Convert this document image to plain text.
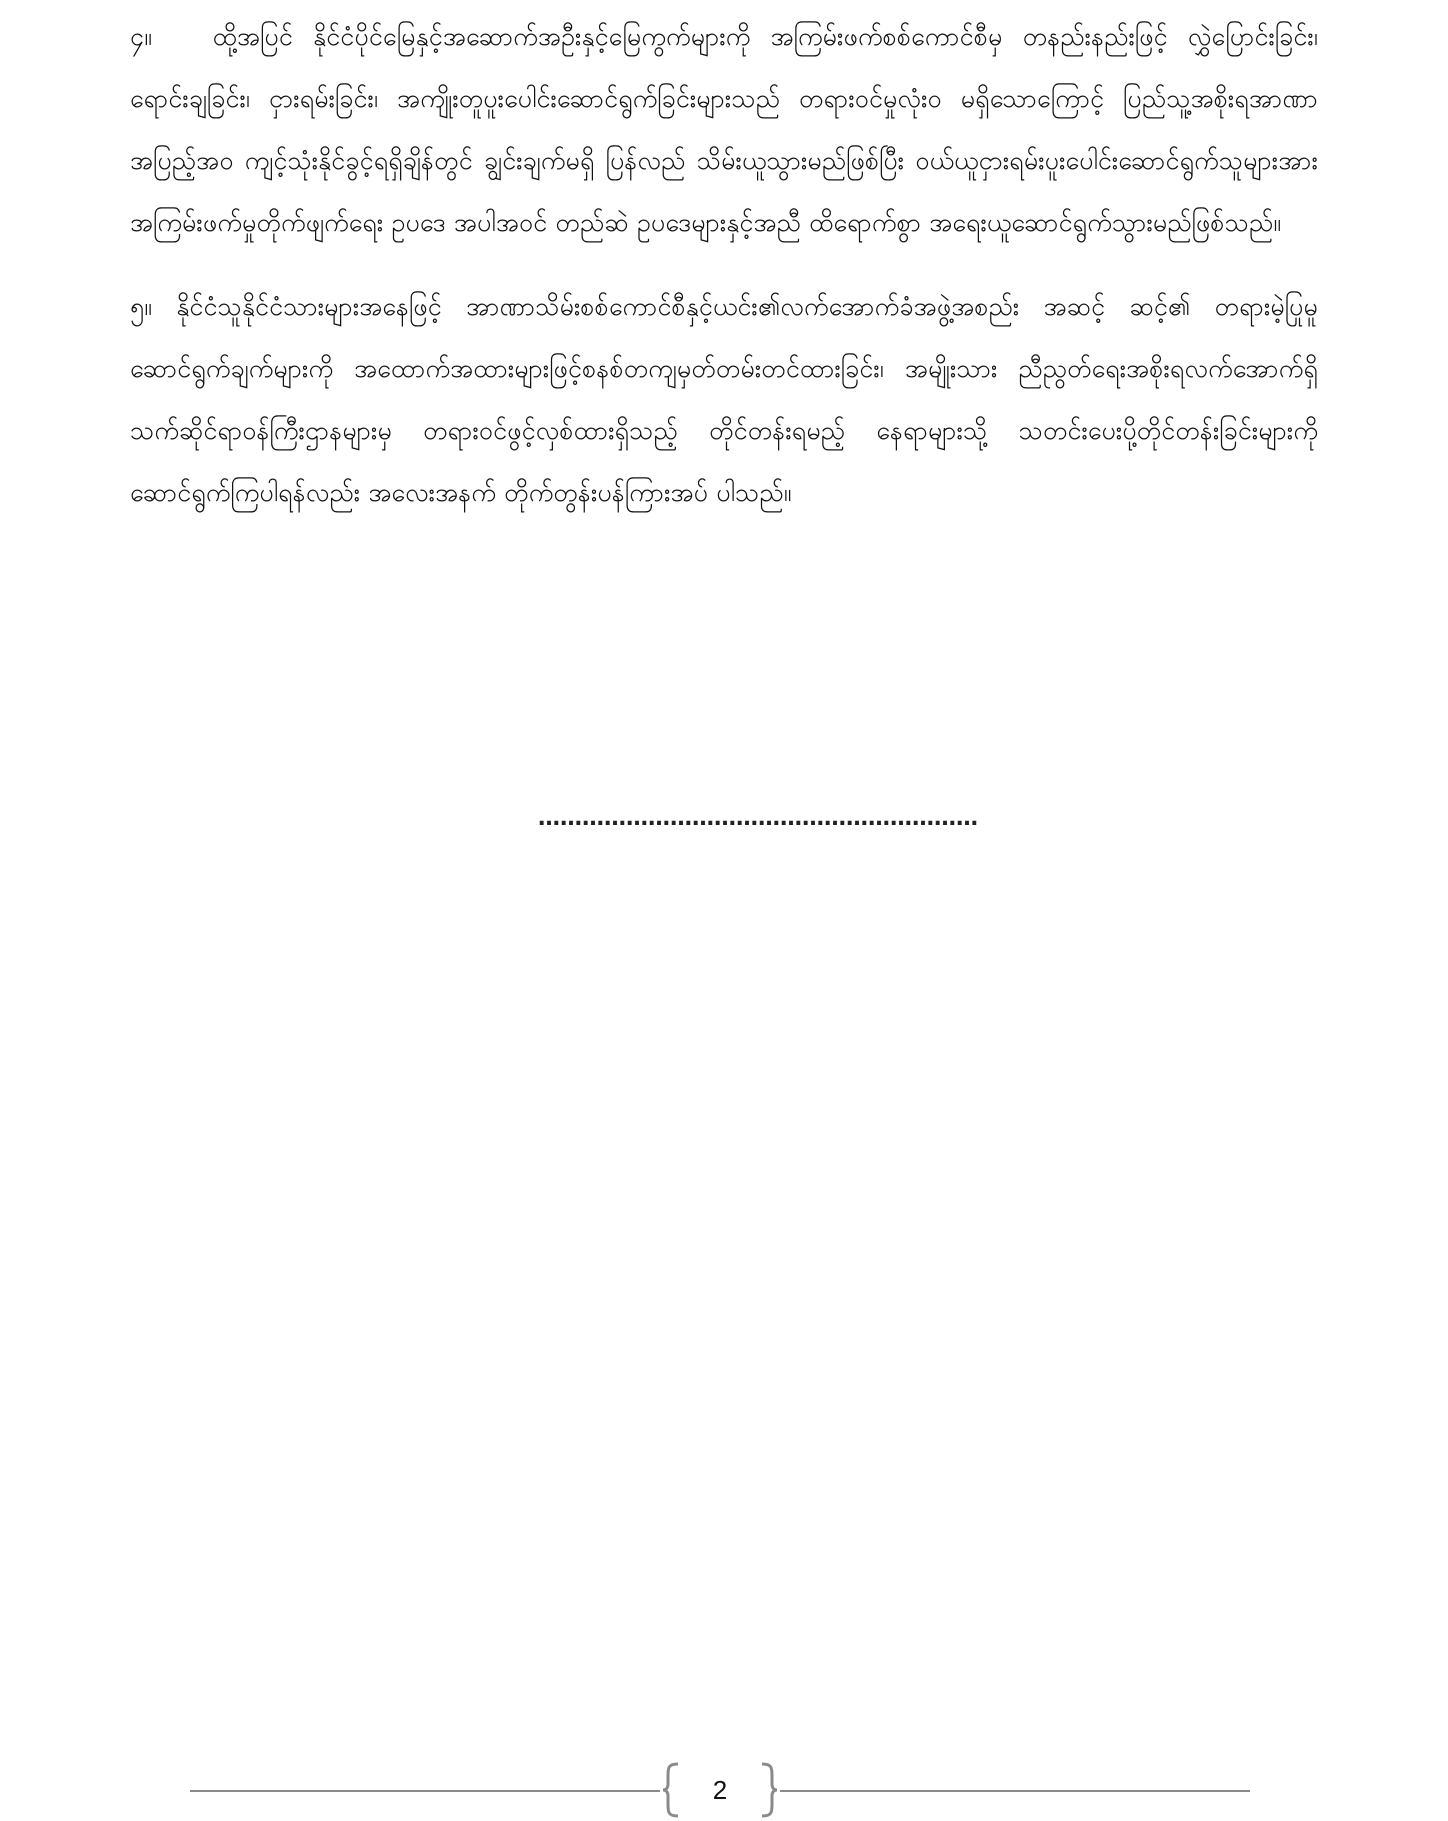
၄။ ထို့အပြင် နိုင်ငံပိုင်မြေနှင့်အဆောက်အဦးနှင့်မြေကွက်များကို အကြမ်းဖက်စစ်ကောင်စီမှ တနည်းနည်းဖြင့် လွှဲပြောင်းခြင်း၊ ရောင်းချခြင်း၊ ငှားရမ်းခြင်း၊ အကျိုးတူပူးပေါင်းဆောင်ရွက်ခြင်းများသည် တရားဝင်မှုလုံးဝ မရှိသောကြောင့် ပြည်သူ့အစိုးရအာဏာအပြည့်အဝ ကျင့်သုံးနိုင်ခွင့်ရရှိချိန်တွင် ချွင်းချက်မရှိ ပြန်လည် သိမ်းယူသွားမည်ဖြစ်ပြီး ဝယ်ယူငှားရမ်းပူးပေါင်းဆောင်ရွက်သူများအား အကြမ်းဖက်မှုတိုက်ဖျက်ရေး ဥပဒေ အပါအဝင် တည်ဆဲ ဥပဒေများနှင့်အညီ ထိရောက်စွာ အရေးယူဆောင်ရွက်သွားမည်ဖြစ်သည်။

၅။ နိုင်ငံသူနိုင်ငံသားများအနေဖြင့် အာဏာသိမ်းစစ်ကောင်စီနှင့်ယင်း၏လက်အောက်ခံအဖွဲ့အစည်း အဆင့် ဆင့်၏ တရားမဲ့ပြုမူဆောင်ရွက်ချက်များကို အထောက်အထားများဖြင့်စနစ်တကျမှတ်တမ်းတင်ထားခြင်း၊ အမျိုးသား ညီညွတ်ရေးအစိုးရလက်အောက်ရှိ သက်ဆိုင်ရာဝန်ကြီးဌာနများမှ တရားဝင်ဖွင့်လှစ်ထားရှိသည့် တိုင်တန်းရမည့် နေရာများသို့ သတင်းပေးပို့တိုင်တန်းခြင်းများကို ဆောင်ရွက်ကြပါရန်လည်း အလေးအနက် တိုက်တွန်းပန်ကြားအပ် ပါသည်။

……………………………………………………
2
